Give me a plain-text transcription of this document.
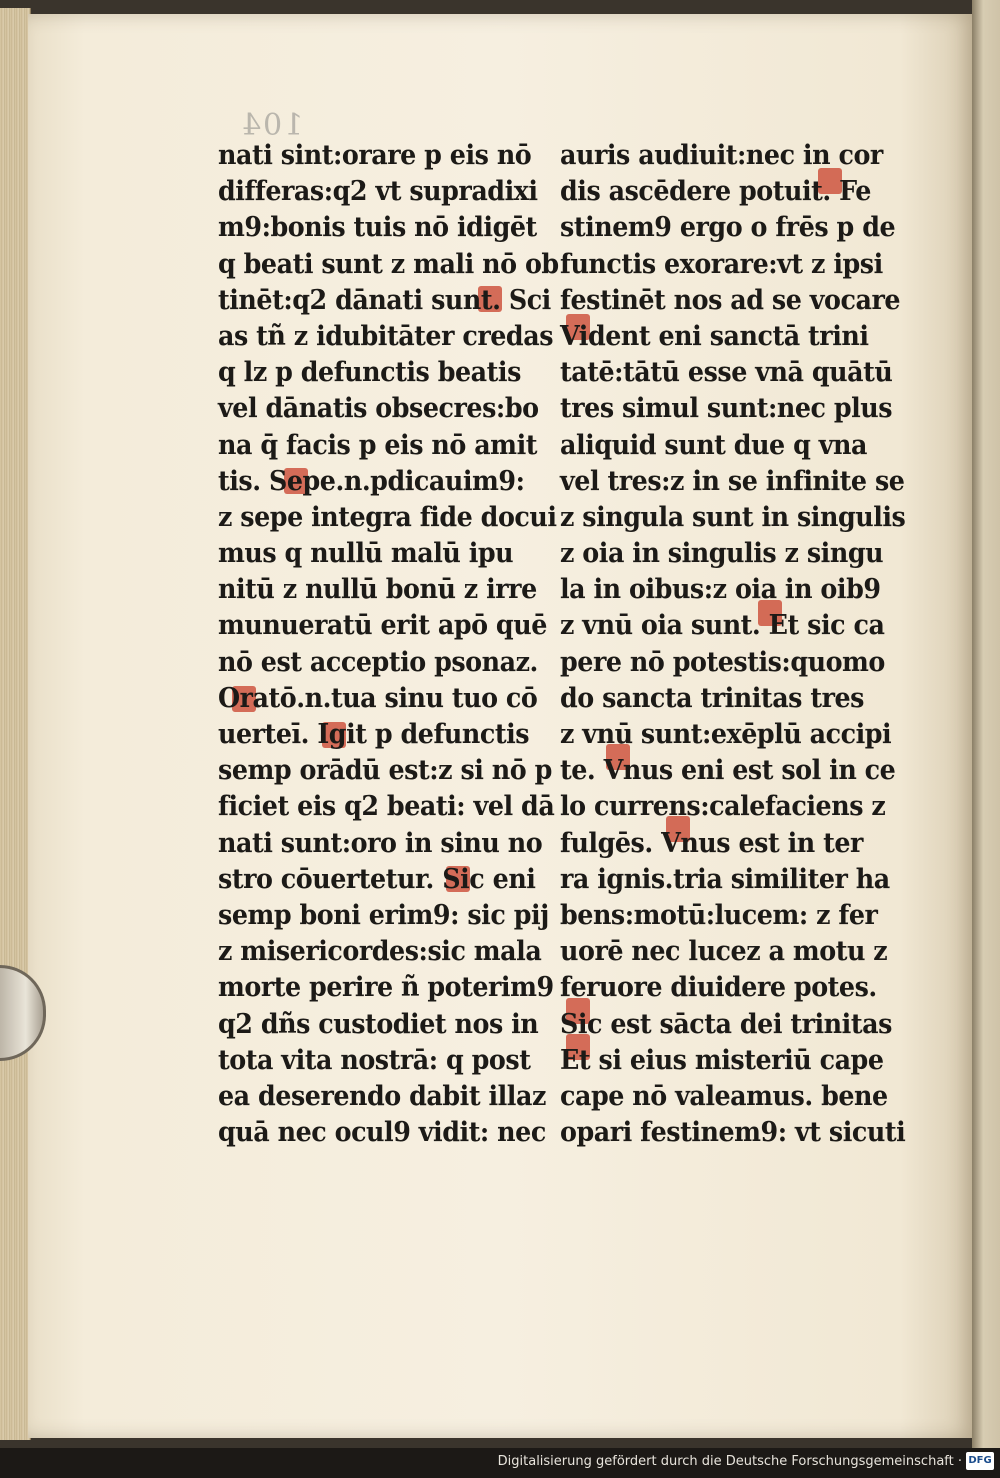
104

nati sint:orare p eis nō
differas:q2 vt supradixi
m9:bonis tuis nō idigēt
q beati sunt z mali nō ob
tinēt:q2 dānati sunt. Sci
as tñ z idubitāter credas
q lz p defunctis beatis
vel dānatis obsecres:bo
na q̄ facis p eis nō amit
tis. Sepe.n.pdicauim9:
z sepe integra fide docui
mus q nullū malū ipu
nitū z nullū bonū z irre
munueratū erit apō quē
nō est acceptio psonaz.
Oratō.n.tua sinu tuo cō
uerteī. Igit p defunctis
semp orādū est:z si nō p
ficiet eis q2 beati: vel dā
nati sunt:oro in sinu no
stro cōuertetur. Sic eni
semp boni erim9: sic pij
z misericordes:sic mala
morte perire ñ poterim9
q2 dñs custodiet nos in
tota vita nostrā: q post
ea deserendo dabit illaz
quā nec ocul9 vidit: nec
auris audiuit:nec in cor
dis ascēdere potuit. Fe
stinem9 ergo o frēs p de
functis exorare:vt z ipsi
festinēt nos ad se vocare
Vident eni sanctā trini
tatē:tātū esse vnā quātū
tres simul sunt:nec plus
aliquid sunt due q vna
vel tres:z in se infinite se
z singula sunt in singulis
z oia in singulis z singu
la in oibus:z oia in oib9
z vnū oia sunt. Et sic ca
pere nō potestis:quomo
do sancta trinitas tres
z vnū sunt:exēplū accipi
te. Vnus eni est sol in ce
lo currens:calefaciens z
fulgēs. Vnus est in ter
ra ignis.tria similiter ha
bens:motū:lucem: z fer
uorē nec lucez a motu z
feruore diuidere potes.
Sic est sācta dei trinitas
Et si eius misteriū cape
cape nō valeamus. bene
opari festinem9: vt sicuti

Digitalisierung gefördert durch die Deutsche Forschungsgemeinschaft · DFG
